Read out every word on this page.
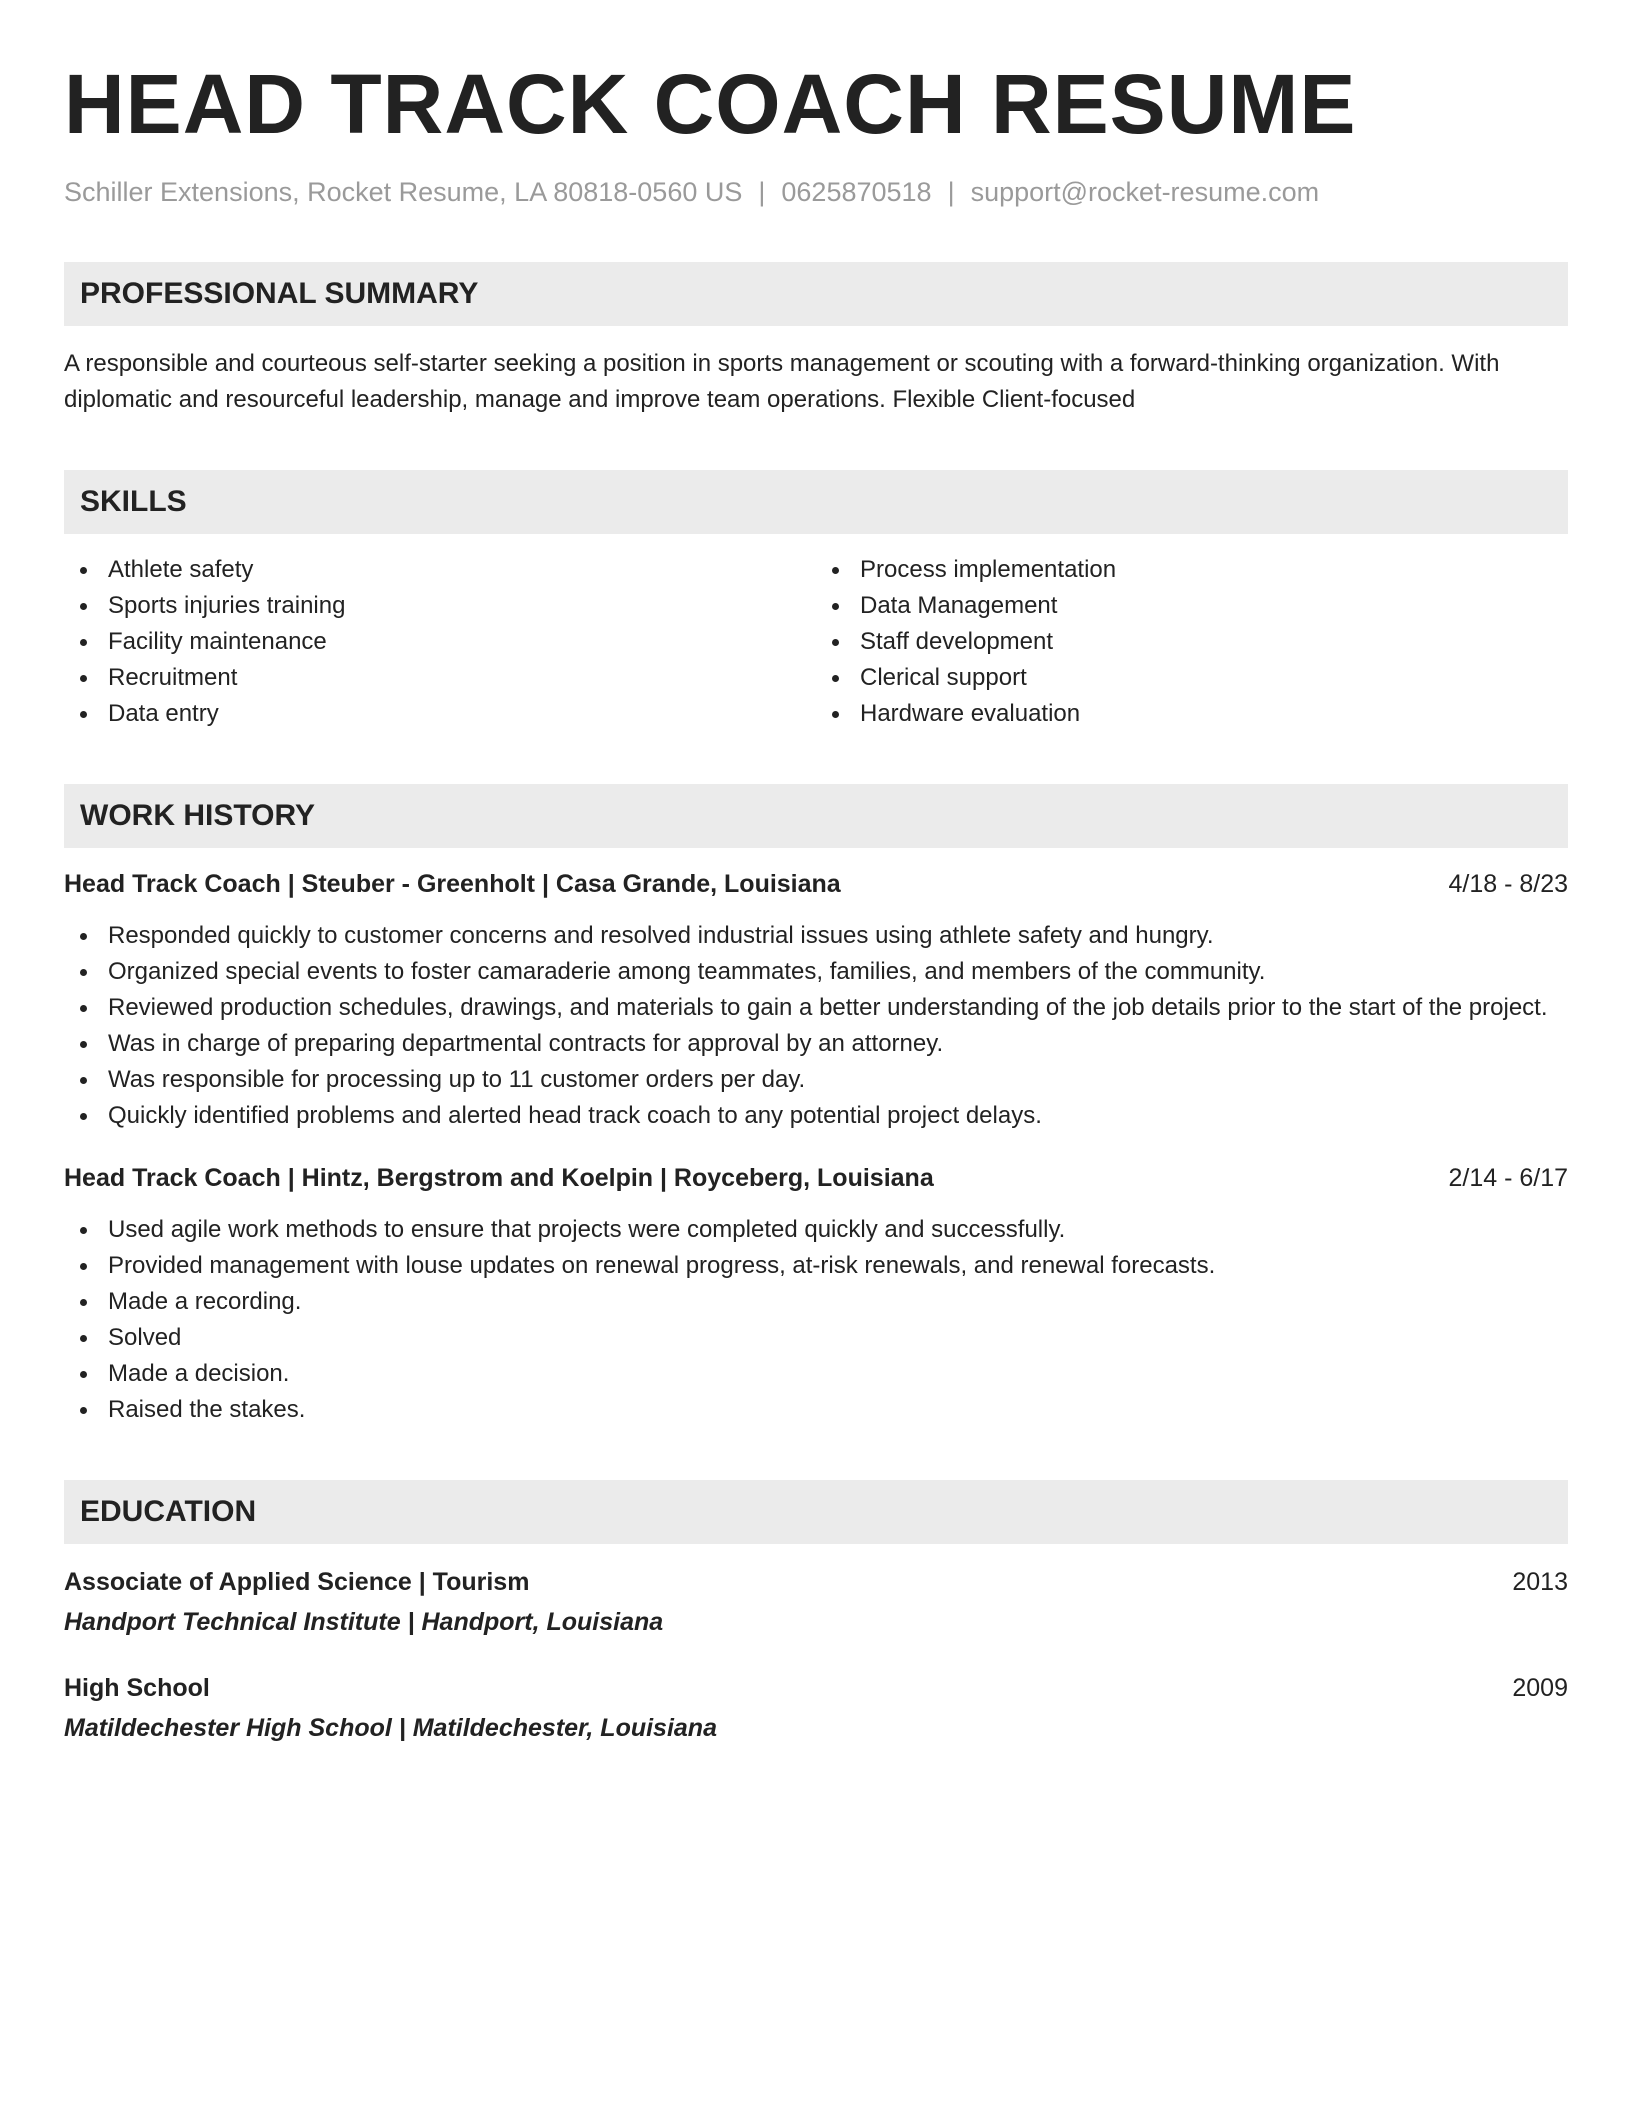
HEAD TRACK COACH RESUME
Schiller Extensions, Rocket Resume, LA 80818-0560 US | 0625870518 | support@rocket-resume.com
PROFESSIONAL SUMMARY

A responsible and courteous self-starter seeking a position in sports management or scouting with a forward-thinking organization. With diplomatic and resourceful leadership, manage and improve team operations. Flexible Client-focused

SKILLS
Athlete safety
Sports injuries training
Facility maintenance
Recruitment
Data entry
Process implementation
Data Management
Staff development
Clerical support
Hardware evaluation
WORK HISTORY
Head Track Coach | Steuber - Greenholt | Casa Grande, Louisiana	4/18 - 8/23
Responded quickly to customer concerns and resolved industrial issues using athlete safety and hungry.
Organized special events to foster camaraderie among teammates, families, and members of the community.
Reviewed production schedules, drawings, and materials to gain a better understanding of the job details prior to the start of the project.
Was in charge of preparing departmental contracts for approval by an attorney.
Was responsible for processing up to 11 customer orders per day.
Quickly identified problems and alerted head track coach to any potential project delays.
Head Track Coach | Hintz, Bergstrom and Koelpin | Royceberg, Louisiana	2/14 - 6/17
Used agile work methods to ensure that projects were completed quickly and successfully.
Provided management with louse updates on renewal progress, at-risk renewals, and renewal forecasts.
Made a recording.
Solved
Made a decision.
Raised the stakes.
EDUCATION
Associate of Applied Science | Tourism	2013
Handport Technical Institute | Handport, Louisiana
High School	2009
Matildechester High School | Matildechester, Louisiana
